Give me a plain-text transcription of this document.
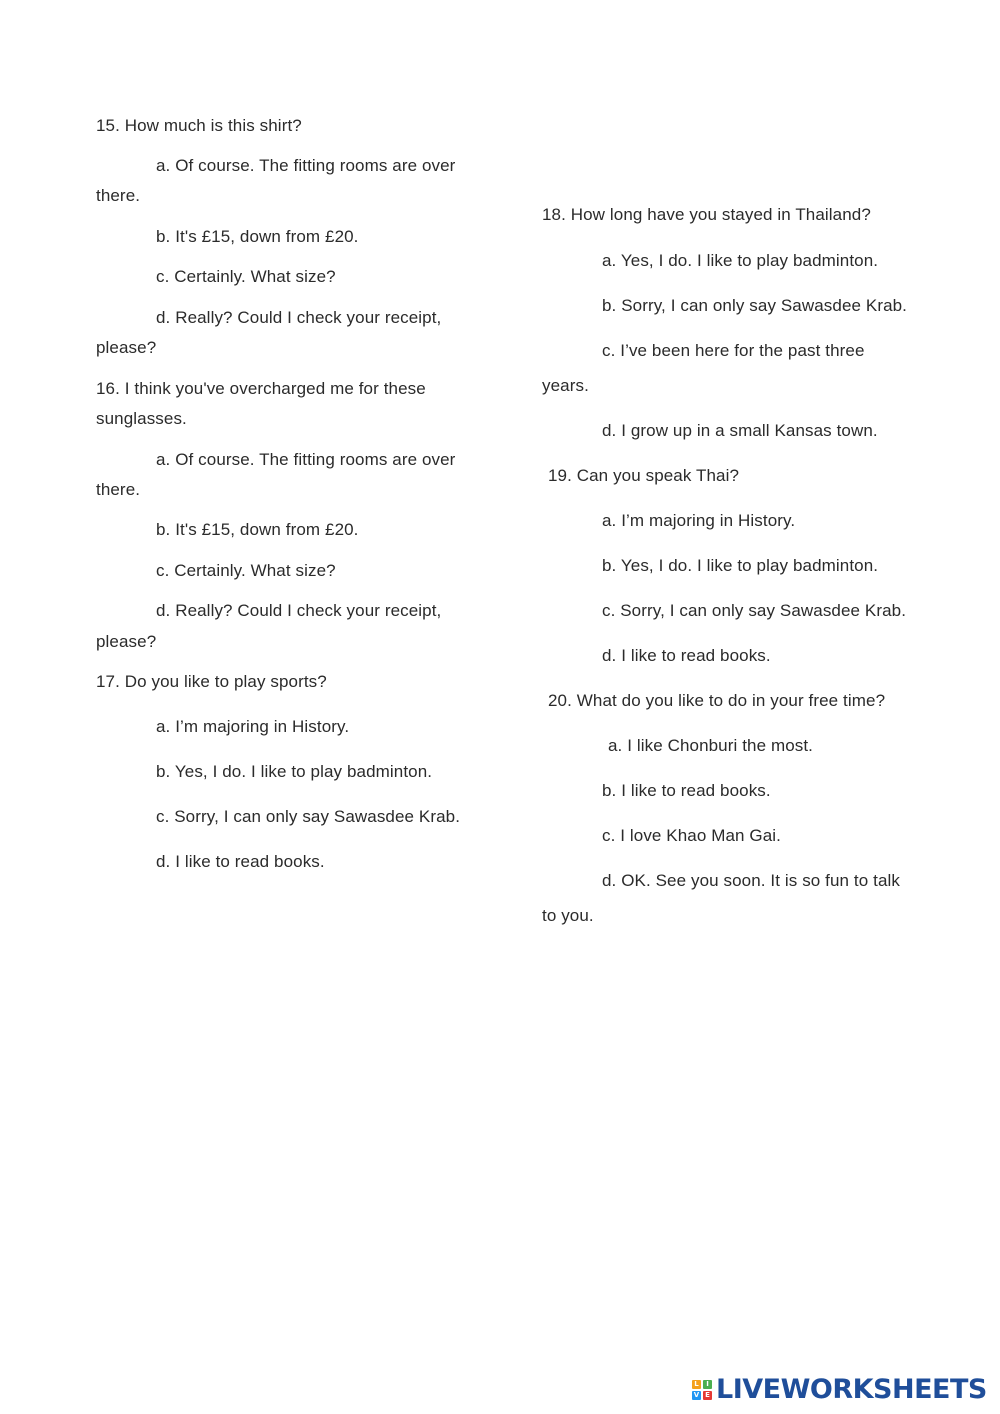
15. How much is this shirt?
a. Of course. The fitting rooms are over
there.
b. It's £15, down from £20.
c. Certainly. What size?
d. Really? Could I check your receipt,
please?
16. I think you've overcharged me for these
sunglasses.
a. Of course. The fitting rooms are over
there.
b. It's £15, down from £20.
c. Certainly. What size?
d. Really? Could I check your receipt,
please?
17. Do you like to play sports?
a. I’m majoring in History.
b. Yes, I do. I like to play badminton.
c. Sorry, I can only say Sawasdee Krab.
d. I like to read books.
18. How long have you stayed in Thailand?
a. Yes, I do. I like to play badminton.
b. Sorry, I can only say Sawasdee Krab.
c. I’ve been here for the past three
years.
d. I grow up in a small Kansas town.
19. Can you speak Thai?
a. I’m majoring in History.
b. Yes, I do. I like to play badminton.
c. Sorry, I can only say Sawasdee Krab.
d. I like to read books.
20. What do you like to do in your free time?
a. I like Chonburi the most.
b. I like to read books.
c. I love Khao Man Gai.
d. OK. See you soon. It is so fun to talk
to you.
L	I
V E LIVEWORKSHEETS
